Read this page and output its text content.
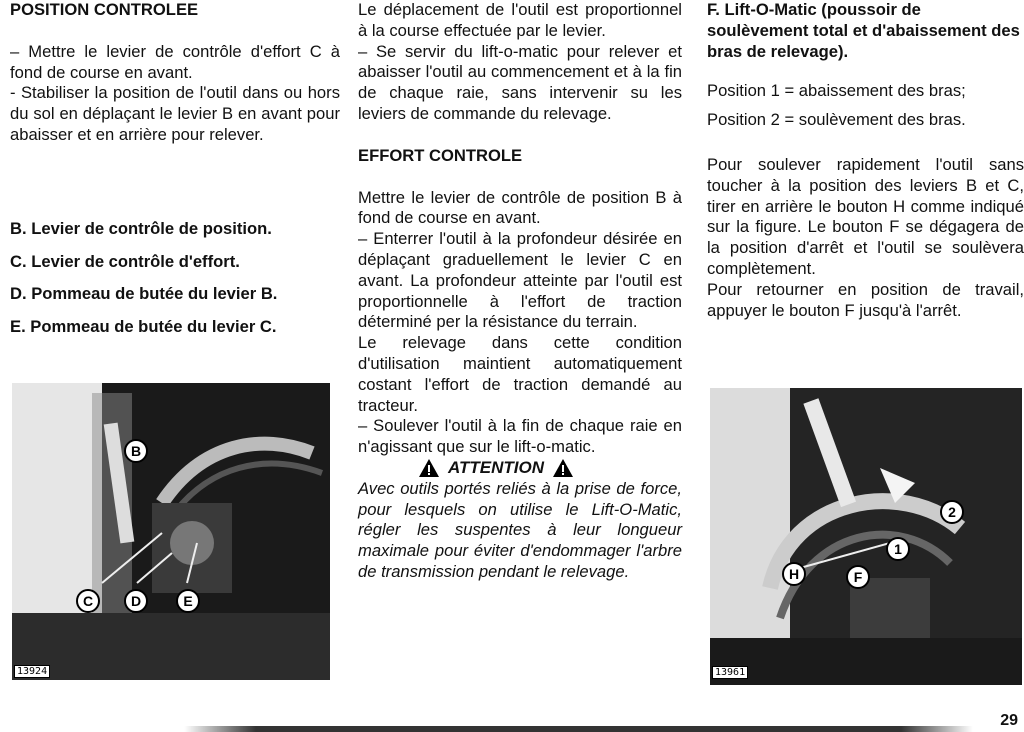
POSITION CONTROLEE

– Mettre le levier de contrôle d'effort C à fond de course en avant.

- Stabiliser la position de l'outil dans ou hors du sol en déplaçant le levier B en avant pour abaisser et en arrière pour relever.

B. Levier de contrôle de position.

C. Levier de contrôle d'effort.

D. Pommeau de butée du levier B.

E. Pommeau de butée du levier C.

B
C	D	E
13924

Le déplacement de l'outil est proportionnel à la course effectuée par le levier.

– Se servir du lift-o-matic pour relever et abaisser l'outil au commencement et à la fin de chaque raie, sans intervenir su les leviers de commande du relevage.

EFFORT CONTROLE

Mettre le levier de contrôle de position B à fond de course en avant.

– Enterrer l'outil à la profondeur désirée en déplaçant graduellement le levier C en avant. La profondeur atteinte par l'outil est proportionnelle à l'effort de traction déterminé per la résistance du terrain.

Le relevage dans cette condition d'utilisation maintient automatiquement costant l'effort de traction demandé au tracteur.

– Soulever l'outil à la fin de chaque raie en n'agissant que sur le lift-o-matic.

ATTENTION

Avec outils portés reliés à la prise de force, pour lesquels on utilise le Lift-O-Matic, régler les suspentes à leur longueur maximale pour éviter d'endommager l'arbre de transmission pendant le relevage.

F. Lift-O-Matic (poussoir de soulèvement total et d'abaissement des bras de relevage).

Position 1 = abaissement des bras;

Position 2 = soulèvement des bras.

Pour soulever rapidement l'outil sans toucher à la position des leviers B et C, tirer en arrière le bouton H comme indiqué sur la figure. Le bouton F se dégagera de la position d'arrêt et l'outil se soulèvera complètement.

Pour retourner en position de travail, appuyer le bouton F jusqu'à l'arrêt.

H	F
1
2
13961
29
